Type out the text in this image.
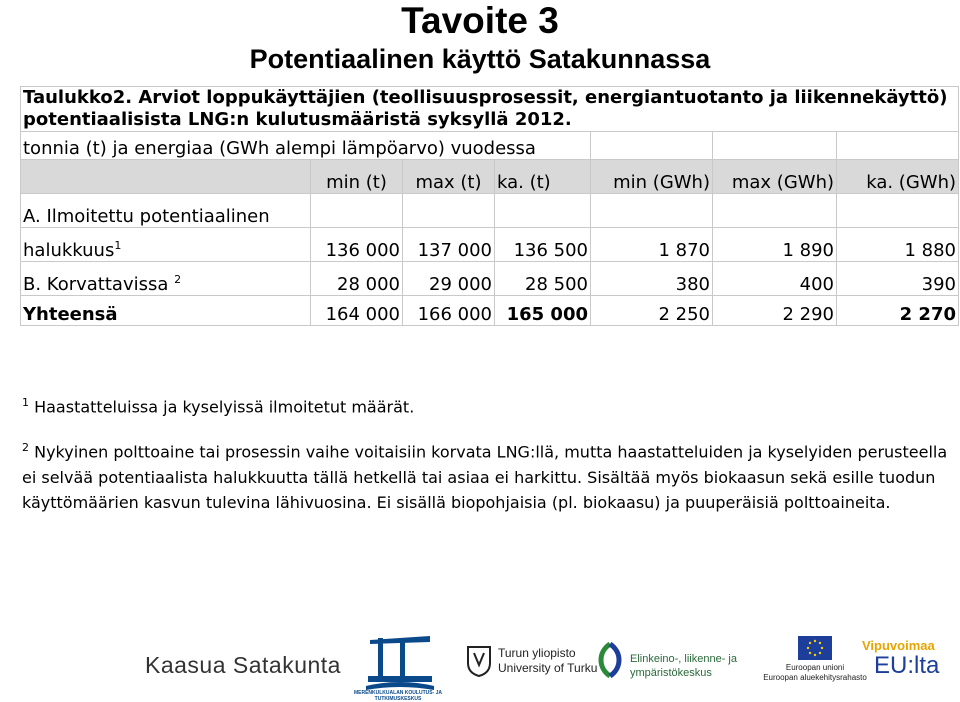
Tavoite 3
Potentiaalinen käyttö Satakunnassa
Taulukko2. Arviot loppukäyttäjien (teollisuusprosessit, energiantuotanto ja liikennekäyttö)
potentiaalisista LNG:n kulutusmääristä syksyllä 2012.						
tonnia (t) ja energiaa (GWh alempi lämpöarvo) vuodessa						
	min (t)	max (t)	ka. (t)	min (GWh)	max (GWh)	ka. (GWh)
A. Ilmoitettu potentiaalinen						
halukkuus$^1$	136 000	137 000	136 500	1 870	1 890	1 880
B. Korvattavissa $^2$	28 000	29 000	28 500	380	400	390
Yhteensä	164 000	166 000	165 000	2 250	2 290	2 270

$^1$ Haastatteluissa ja kyselyissä ilmoitetut määrät.

$^2$ Nykyinen polttoaine tai prosessin vaihe voitaisiin korvata LNG:llä, mutta haastatteluiden ja kyselyiden perusteella ei selvää potentiaalista halukkuutta tällä hetkellä tai asiaa ei harkittu. Sisältää myös biokaasun sekä esille tuodun käyttömäärien kasvun tulevina lähivuosina. Ei sisällä biopohjaisia (pl. biokaasu) ja puuperäisiä polttoaineita.

Kaasua Satakunta
MERENKULKUALAN KOULUTUS- JA TUTKIMUSKESKUS
Turun yliopisto
University of Turku
Elinkeino-, liikenne- ja
ympäristökeskus	Euroopan unioni
Euroopan aluekehitysrahasto
Vipuvoimaa
EU:lta
